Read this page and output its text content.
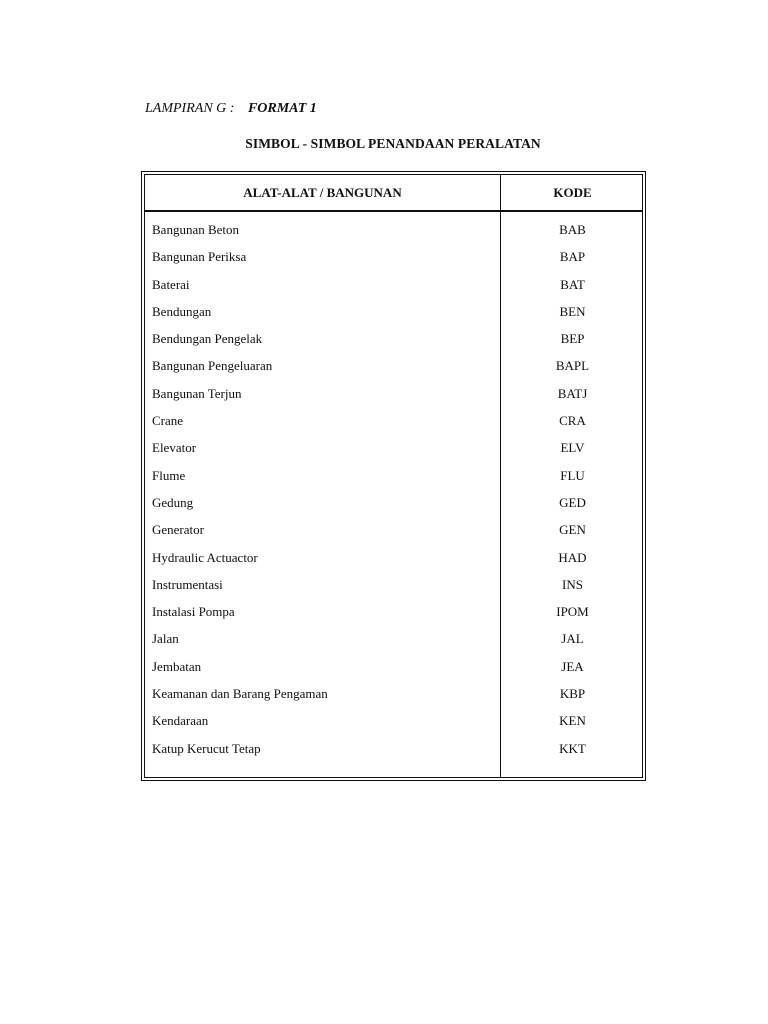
LAMPIRAN G : FORMAT 1
SIMBOL - SIMBOL PENANDAAN PERALATAN
ALAT-ALAT / BANGUNAN	KODE
Bangunan Beton	BAB
Bangunan Periksa	BAP
Baterai	BAT
Bendungan	BEN
Bendungan Pengelak	BEP
Bangunan Pengeluaran	BAPL
Bangunan Terjun	BATJ
Crane	CRA
Elevator	ELV
Flume	FLU
Gedung	GED
Generator	GEN
Hydraulic Actuactor	HAD
Instrumentasi	INS
Instalasi Pompa	IPOM
Jalan	JAL
Jembatan	JEA
Keamanan dan Barang Pengaman	KBP
Kendaraan	KEN
Katup Kerucut Tetap	KKT
